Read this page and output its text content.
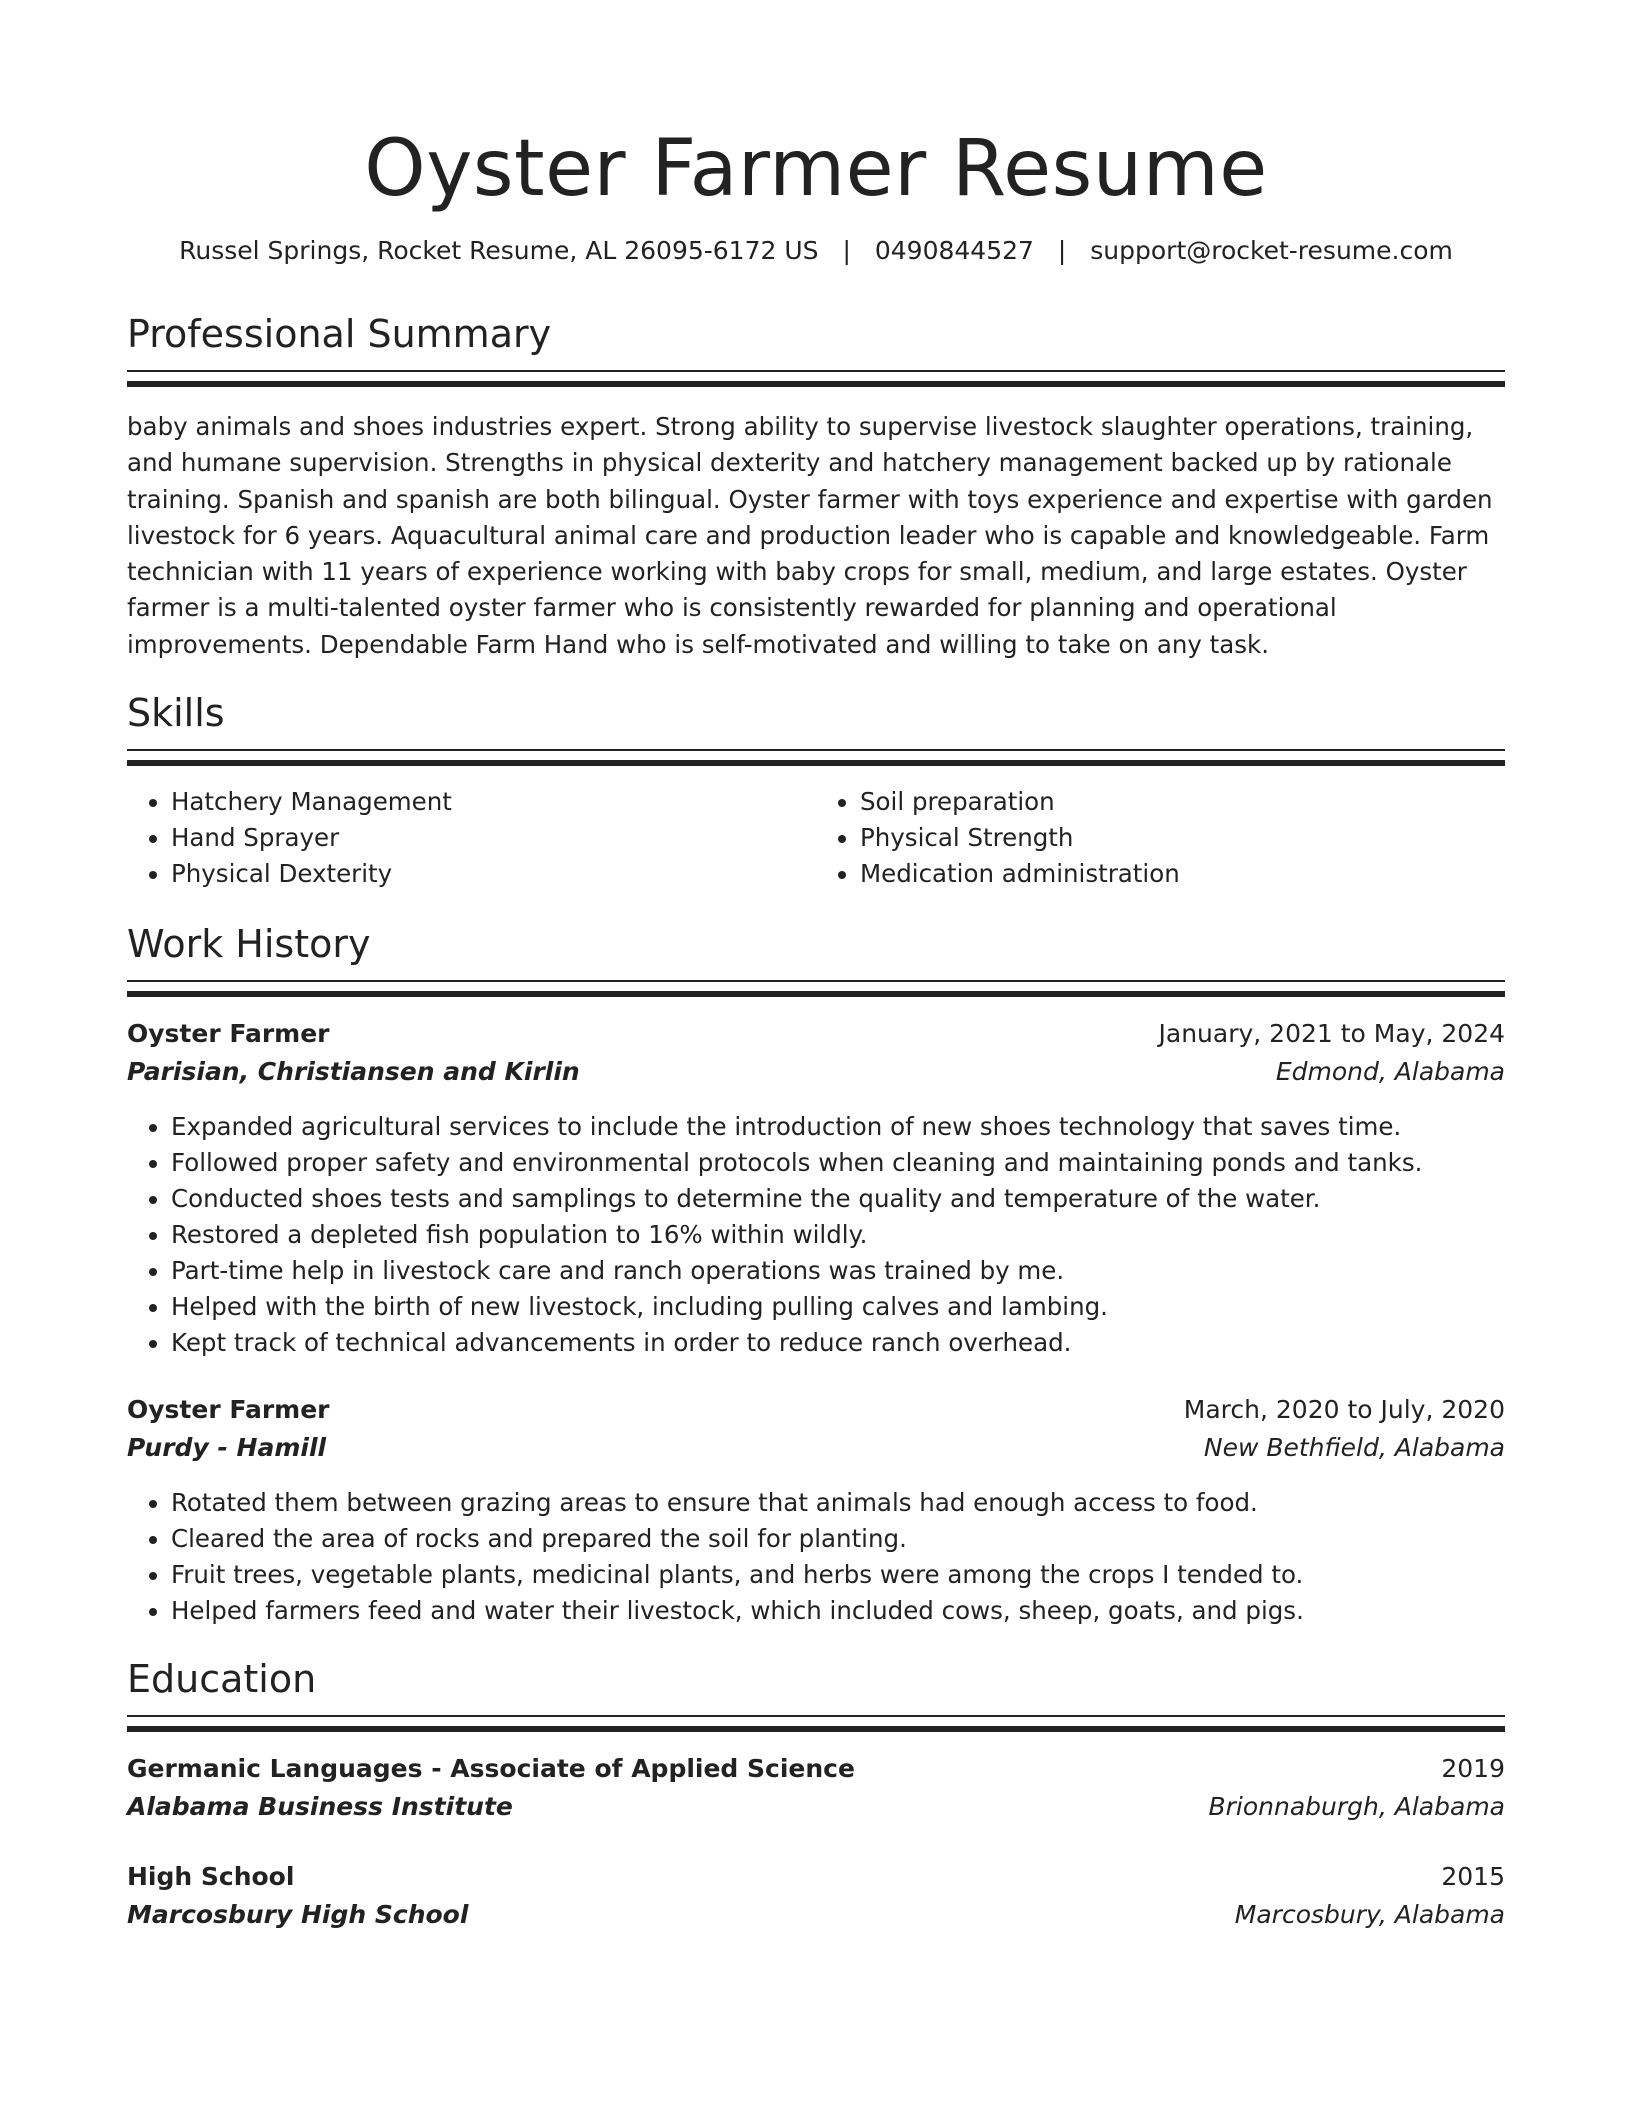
Oyster Farmer Resume
Russel Springs, Rocket Resume, AL 26095-6172 US | 0490844527 | support@rocket-resume.com
Professional Summary

baby animals and shoes industries expert. Strong ability to supervise livestock slaughter operations, training, and humane supervision. Strengths in physical dexterity and hatchery management backed up by rationale training. Spanish and spanish are both bilingual. Oyster farmer with toys experience and expertise with garden livestock for 6 years. Aquacultural animal care and production leader who is capable and knowledgeable. Farm technician with 11 years of experience working with baby crops for small, medium, and large estates. Oyster farmer is a multi-talented oyster farmer who is consistently rewarded for planning and operational improvements. Dependable Farm Hand who is self-motivated and willing to take on any task.

Skills
• Hatchery Management
• Hand Sprayer
• Physical Dexterity
• Soil preparation
• Physical Strength
• Medication administration
Work History
Oyster Farmer	January, 2021 to May, 2024
Parisian, Christiansen and Kirlin	Edmond, Alabama
• Expanded agricultural services to include the introduction of new shoes technology that saves time.
• Followed proper safety and environmental protocols when cleaning and maintaining ponds and tanks.
• Conducted shoes tests and samplings to determine the quality and temperature of the water.
• Restored a depleted fish population to 16% within wildly.
• Part-time help in livestock care and ranch operations was trained by me.
• Helped with the birth of new livestock, including pulling calves and lambing.
• Kept track of technical advancements in order to reduce ranch overhead.
Oyster Farmer	March, 2020 to July, 2020
Purdy - Hamill	New Bethfield, Alabama
• Rotated them between grazing areas to ensure that animals had enough access to food.
• Cleared the area of rocks and prepared the soil for planting.
• Fruit trees, vegetable plants, medicinal plants, and herbs were among the crops I tended to.
• Helped farmers feed and water their livestock, which included cows, sheep, goats, and pigs.
Education
Germanic Languages - Associate of Applied Science	2019
Alabama Business Institute	Brionnaburgh, Alabama
High School	2015
Marcosbury High School	Marcosbury, Alabama
